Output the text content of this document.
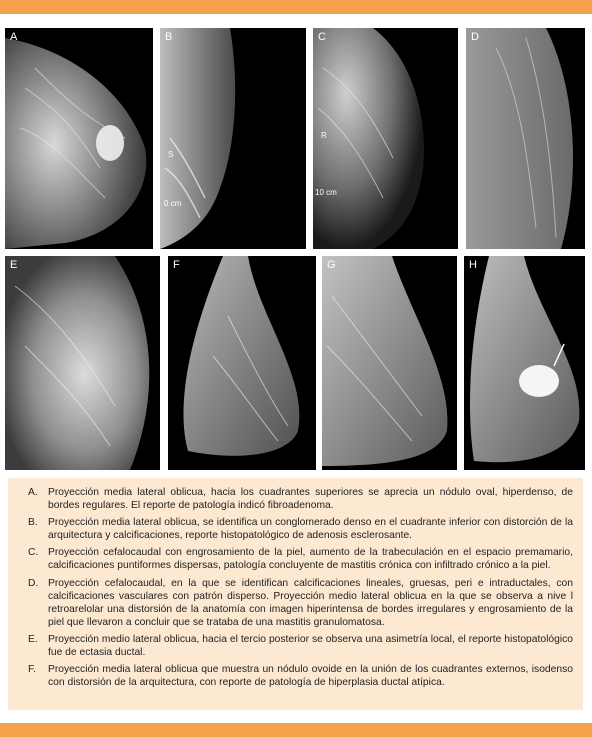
A	B
S
0 cm
C
R
10 cm
D
E	F	G	H
A. Proyección media lateral oblicua, hacia los cuadrantes superiores se aprecia un nódulo oval, hiperdenso, de bordes regulares. El reporte de patología indicó fibroadenoma.
B. Proyección media lateral oblicua, se identifica un conglomerado denso en el cuadrante inferior con distorción de la arquitectura y calcificaciones, reporte histopatológico de adenosis esclerosante.
C. Proyección cefalocaudal con engrosamiento de la piel, aumento de la trabeculación en el espacio premamario, calcificaciones puntiformes dispersas, patología concluyente de mastitis crónica con infiltrado crónico a la piel.
D. Proyección cefalocaudal, en la que se identifican calcificaciones lineales, gruesas, peri e intraductales, con calcificaciones vasculares con patrón disperso. Proyección medio lateral oblicua en la que se observa a nive l retroarelolar una distorsión de la anatomía con imagen hiperintensa de bordes irregulares y engrosamiento de la piel que llevaron a concluir que se trataba de una mastitis granulomatosa.
E. Proyección medio lateral oblicua, hacia el tercio posterior se observa una asimetría local, el reporte histopatológico fue de ectasia ductal.
F.	Proyección media lateral oblicua que muestra un nódulo ovoide en la unión de los cuadrantes externos, isodenso con distorsión de la arquitectura, con reporte de patología de hiperplasia ductal atípica.
